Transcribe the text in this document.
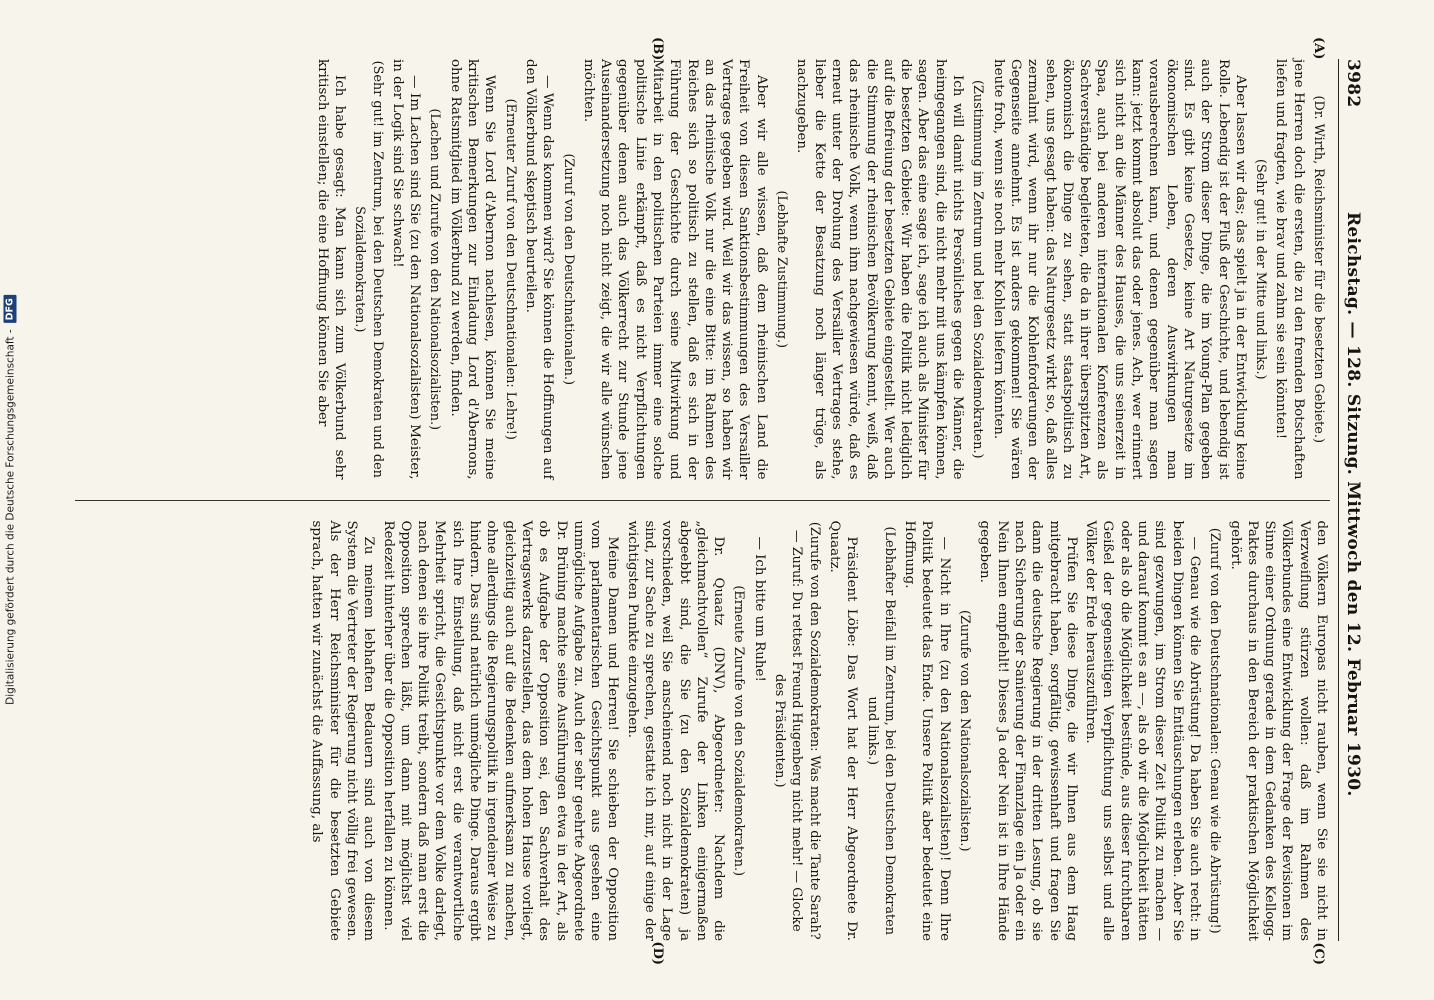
3982
Reichstag. — 128. Sitzung. Mittwoch den 12. Februar 1930.
(A)
(B)
(C)
(D)

(Dr. Wirth, Reichsminister für die besetzten Gebiete.)

jene Herren doch die ersten, die zu den fremden Botschaften liefen und fragten, wie brav und zahm sie sein könnten!

(Sehr gut! in der Mitte und links.)

Aber lassen wir das; das spielt ja in der Entwicklung keine Rolle. Lebendig ist der Fluß der Geschichte, und lebendig ist auch der Strom dieser Dinge, die im Young-Plan gegeben sind. Es gibt keine Gesetze, keine Art Naturgesetze im ökonomischen Leben, deren Auswirkungen man vorausberechnen kann, und denen gegenüber man sagen kann: jetzt kommt absolut das oder jenes. Ach, wer erinnert sich nicht an die Männer des Hauses, die uns seinerzeit in Spaa, auch bei anderen internationalen Konferenzen als Sachverständige begleiteten, die da in ihrer überspitzten Art, ökonomisch die Dinge zu sehen, statt staatspolitisch zu sehen, uns gesagt haben: das Naturgesetz wirkt so, daß alles zermalmt wird, wenn ihr nur die Kohlenforderungen der Gegenseite annehmt. Es ist anders gekommen! Sie wären heute froh, wenn sie noch mehr Kohlen liefern könnten.

(Zustimmung im Zentrum und bei den Sozialdemokraten.)

Ich will damit nichts Persönliches gegen die Männer, die heimgegangen sind, die nicht mehr mit uns kämpfen können, sagen. Aber das eine sage ich, sage ich auch als Minister für die besetzten Gebiete: Wir haben die Politik nicht lediglich auf die Befreiung der besetzten Gebiete eingestellt. Wer auch die Stimmung der rheinischen Bevölkerung kennt, weiß, daß das rheinische Volk, wenn ihm nachgewiesen würde, daß es erneut unter der Drohung des Versailler Vertrages stehe, lieber die Kette der Besatzung noch länger trüge, als nachzugeben.

(Lebhafte Zustimmung.)

Aber wir alle wissen, daß dem rheinischen Land die Freiheit von diesen Sanktionsbestimmungen des Versailler Vertrages gegeben wird. Weil wir das wissen, so haben wir an das rheinische Volk nur die eine Bitte: im Rahmen des Reiches sich so politisch zu stellen, daß es sich in der Führung der Geschichte durch seine Mitwirkung und Mitarbeit in den politischen Parteien immer eine solche politische Linie erkämpft, daß es nicht Verpflichtungen gegenüber denen auch das Völkerrecht zur Stunde jene Auseinandersetzung noch nicht zeigt, die wir alle wünschen möchten.

(Zuruf von den Deutschnationalen.)

— Wenn das kommen wird? Sie können die Hoffnungen auf den Völkerbund skeptisch beurteilen.

(Erneuter Zuruf von den Deutschnationalen: Lehre!)

Wenn Sie Lord d'Abernon nachlesen, können Sie meine kritischen Bemerkungen zur Einladung Lord d'Abernons, ohne Ratsmitglied im Völkerbund zu werden, finden.

(Lachen und Zurufe von den Nationalsozialisten.)

— Im Lachen sind Sie (zu den Nationalsozialisten) Meister, in der Logik sind Sie schwach!

(Sehr gut! im Zentrum, bei den Deutschen Demokraten und den Sozialdemokraten.)

Ich habe gesagt: Man kann sich zum Völkerbund sehr kritisch einstellen; die eine Hoffnung können Sie aber

den Völkern Europas nicht rauben, wenn Sie sie nicht in Verzweiflung stürzen wollen: daß im Rahmen des Völkerbundes eine Entwicklung der Frage der Revisionen im Sinne einer Ordnung gerade in dem Gedanken des Kellogg-Paktes durchaus in den Bereich der praktischen Möglichkeit gehört.

(Zuruf von den Deutschnationalen: Genau wie die Abrüstung!)

— Genau wie die Abrüstung! Da haben Sie auch recht: in beiden Dingen können Sie Enttäuschungen erleben. Aber Sie sind gezwungen, im Strom dieser Zeit Politik zu machen — und darauf kommt es an —, als ob wir die Möglichkeit hätten oder als ob die Möglichkeit bestünde, aus dieser furchtbaren Geißel der gegenseitigen Verpflichtung uns selbst und alle Völker der Erde herauszuführen.

Prüfen Sie diese Dinge, die wir Ihnen aus dem Haag mitgebracht haben, sorgfältig, gewissenhaft und fragen Sie dann die deutsche Regierung in der dritten Lesung, ob sie nach Sicherung der Sanierung der Finanzlage ein Ja oder ein Nein Ihnen empfiehlt! Dieses Ja oder Nein ist in Ihre Hände gegeben.

(Zurufe von den Nationalsozialisten.)

— Nicht in Ihre (zu den Nationalsozialisten)! Denn Ihre Politik bedeutet das Ende. Unsere Politik aber bedeutet eine Hoffnung.

(Lebhafter Beifall im Zentrum, bei den Deutschen Demokraten und links.)

Präsident Löbe: Das Wort hat der Herr Abgeordnete Dr. Quaatz.

(Zurufe von den Sozialdemokraten: Was macht die Tante Sarah? — Zuruf: Du rettest Freund Hugenberg nicht mehr! — Glocke des Präsidenten.)

— Ich bitte um Ruhe!

(Erneute Zurufe von den Sozialdemokraten.)

Dr. Quaatz (DNV), Abgeordneter: Nachdem die „gleichmachtvollen“ Zurufe der Linken einigermaßen abgeebbt sind, die Sie (zu den Sozialdemokraten) ja vorschieden, weil Sie anscheinend noch nicht in der Lage sind, zur Sache zu sprechen, gestatte ich mir, auf einige der wichtigsten Punkte einzugehen.

Meine Damen und Herren! Sie schieben der Opposition vom parlamentarischen Gesichtspunkt aus gesehen eine unmögliche Aufgabe zu. Auch der sehr geehrte Abgeordnete Dr. Brüning machte seine Ausführungen etwa in der Art, als ob es Aufgabe der Opposition sei, den Sachverhalt des Vertragswerks darzustellen, das dem hohen Hause vorliegt, gleichzeitig auch auf die Bedenken aufmerksam zu machen, ohne allerdings die Regierungspolitik in irgendeiner Weise zu hindern. Das sind natürlich unmögliche Dinge. Daraus ergibt sich Ihre Einstellung, daß nicht erst die verantwortliche Mehrheit spricht, die Gesichtspunkte vor dem Volke darlegt, nach denen sie ihre Politik treibt, sondern daß man erst die Opposition sprechen läßt, um dann mit möglichst viel Redezeit hinterher über die Opposition herfallen zu können.

Zu meinem lebhaften Bedauern sind auch von diesem System die Vertreter der Regierung nicht völlig frei gewesen. Als der Herr Reichsminister für die besetzten Gebiete sprach, hatten wir zunächst die Auffassung, als

Digitalisierung gefördert durch die Deutsche Forschungsgemeinschaft -
DFG
